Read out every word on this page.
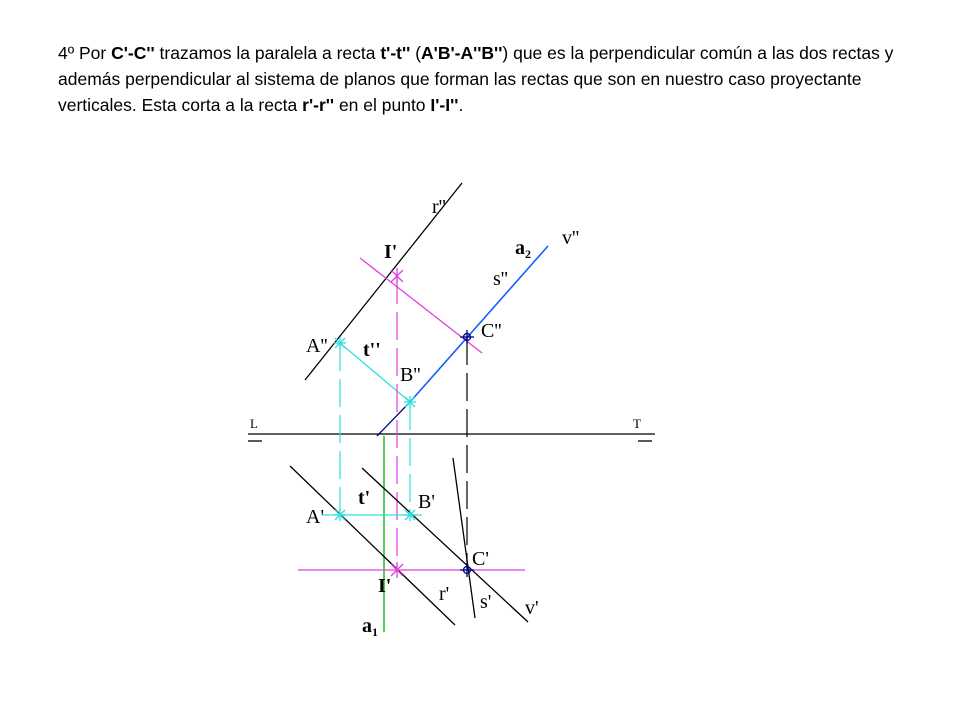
4º Por C'-C'' trazamos la paralela a recta t'-t'' (A'B'-A''B'') que es la perpendicular común a las dos rectas y además perpendicular al sistema de planos que forman las rectas que son en nuestro caso proyectante verticales. Esta corta a la recta r'-r'' en el punto I'-I''.
r''
I'	$a_2$
v''
s''
C''
A'' t''
B''
L	T
t' B'
A'
C'
I' r' s' v'
$a_1$
